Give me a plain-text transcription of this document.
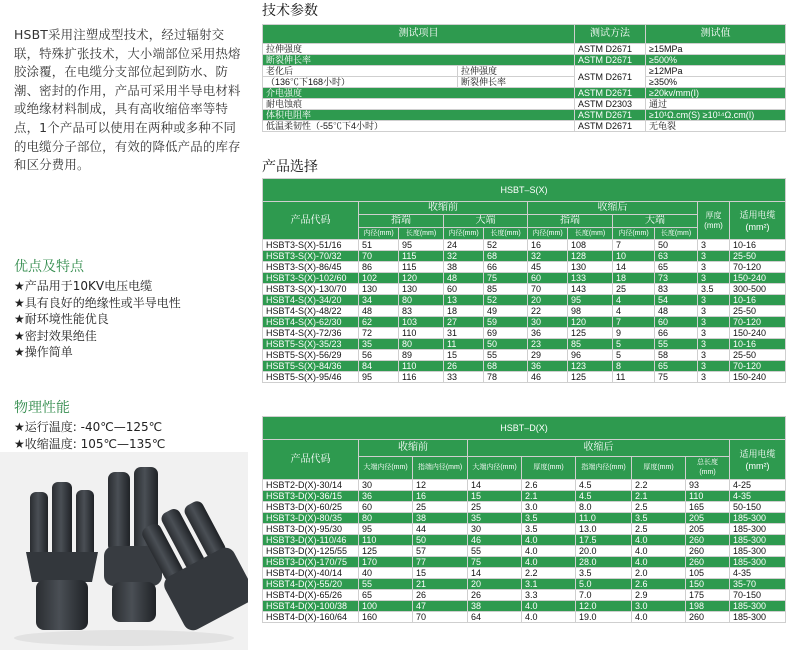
HSBT采用注塑成型技术，经过辐射交联，特殊扩张技术，大小端部位采用热熔胶涂覆，在电缆分支部位起到防水、防潮、密封的作用，产品可采用半导电材料或绝缘材料制成，具有高收缩倍率等特点，1个产品可以使用在两种或多种不同的电缆分子部位，有效的降低产品的库存和区分费用。
优点及特点
★产品用于10KV电压电缆
★具有良好的绝缘性或半导电性
★耐环境性能优良
★密封效果绝佳
★操作简单
物理性能
★运行温度: -40℃—125℃
★收缩温度: 105℃—135℃
技术参数
测试项目		测试方法	测试值
拉伸强度		ASTM D2671	≥15MPa
断裂伸长率		ASTM D2671	≥500%
老化后	拉伸强度	ASTM D2671	≥12MPa
（136℃下168小时）	断裂伸长率		≥350%
介电强度		ASTM D2671	≥20kv/mm(I)
耐电蚀痕		ASTM D2303	通过
体积电阻率		ASTM D2671	≥10¹Ω.cm(S) ≥10¹⁴Ω.cm(I)
低温柔韧性（-55℃下4小时）		ASTM D2671	无龟裂
产品选择
HSBT–S(X)										
产品代码	收缩前				收缩后				厚度(mm)	适用电缆(mm²)
	指端		大端		指端		大端			
	内径(mm)	长度(mm)	内径(mm)	长度(mm)	内径(mm)	长度(mm)	内径(mm)	长度(mm)		
HSBT3-S(X)-51/16	51	95	24	52	16	108	7	50	3	10-16
HSBT3-S(X)-70/32	70	115	32	68	32	128	10	63	3	25-50
HSBT3-S(X)-86/45	86	115	38	66	45	130	14	65	3	70-120
HSBT3-S(X)-102/60	102	120	48	75	60	133	18	73	3	150-240
HSBT3-S(X)-130/70	130	130	60	85	70	143	25	83	3.5	300-500
HSBT4-S(X)-34/20	34	80	13	52	20	95	4	54	3	10-16
HSBT4-S(X)-48/22	48	83	18	49	22	98	4	48	3	25-50
HSBT4-S(X)-62/30	62	103	27	59	30	120	7	60	3	70-120
HSBT4-S(X)-72/36	72	110	31	69	36	125	9	66	3	150-240
HSBT5-S(X)-35/23	35	80	11	50	23	85	5	55	3	10-16
HSBT5-S(X)-56/29	56	89	15	55	29	96	5	58	3	25-50
HSBT5-S(X)-84/36	84	110	26	68	36	123	8	65	3	70-120
HSBT5-S(X)-95/46	95	116	33	78	46	125	11	75	3	150-240
HSBT–D(X)								
产品代码	收缩前		收缩后					适用电缆(mm²)
	大端内径(mm)	指端内径(mm)	大端内径(mm)	厚度(mm)	指端内径(mm)	厚度(mm)	总长度(mm)	
HSBT2-D(X)-30/14	30	12	14	2.6	4.5	2.2	93	4-25
HSBT3-D(X)-36/15	36	16	15	2.1	4.5	2.1	110	4-35
HSBT3-D(X)-60/25	60	25	25	3.0	8.0	2.5	165	50-150
HSBT3-D(X)-80/35	80	38	35	3.5	11.0	3.5	205	185-300
HSBT3-D(X)-95/30	95	44	30	3.5	13.0	2.5	205	185-300
HSBT3-D(X)-110/46	110	50	46	4.0	17.5	4.0	260	185-300
HSBT3-D(X)-125/55	125	57	55	4.0	20.0	4.0	260	185-300
HSBT3-D(X)-170/75	170	77	75	4.0	28.0	4.0	260	185-300
HSBT4-D(X)-40/14	40	15	14	2.2	3.5	2.0	105	4-35
HSBT4-D(X)-55/20	55	21	20	3.1	5.0	2.6	150	35-70
HSBT4-D(X)-65/26	65	26	26	3.3	7.0	2.9	175	70-150
HSBT4-D(X)-100/38	100	47	38	4.0	12.0	3.0	198	185-300
HSBT4-D(X)-160/64	160	70	64	4.0	19.0	4.0	260	185-300
